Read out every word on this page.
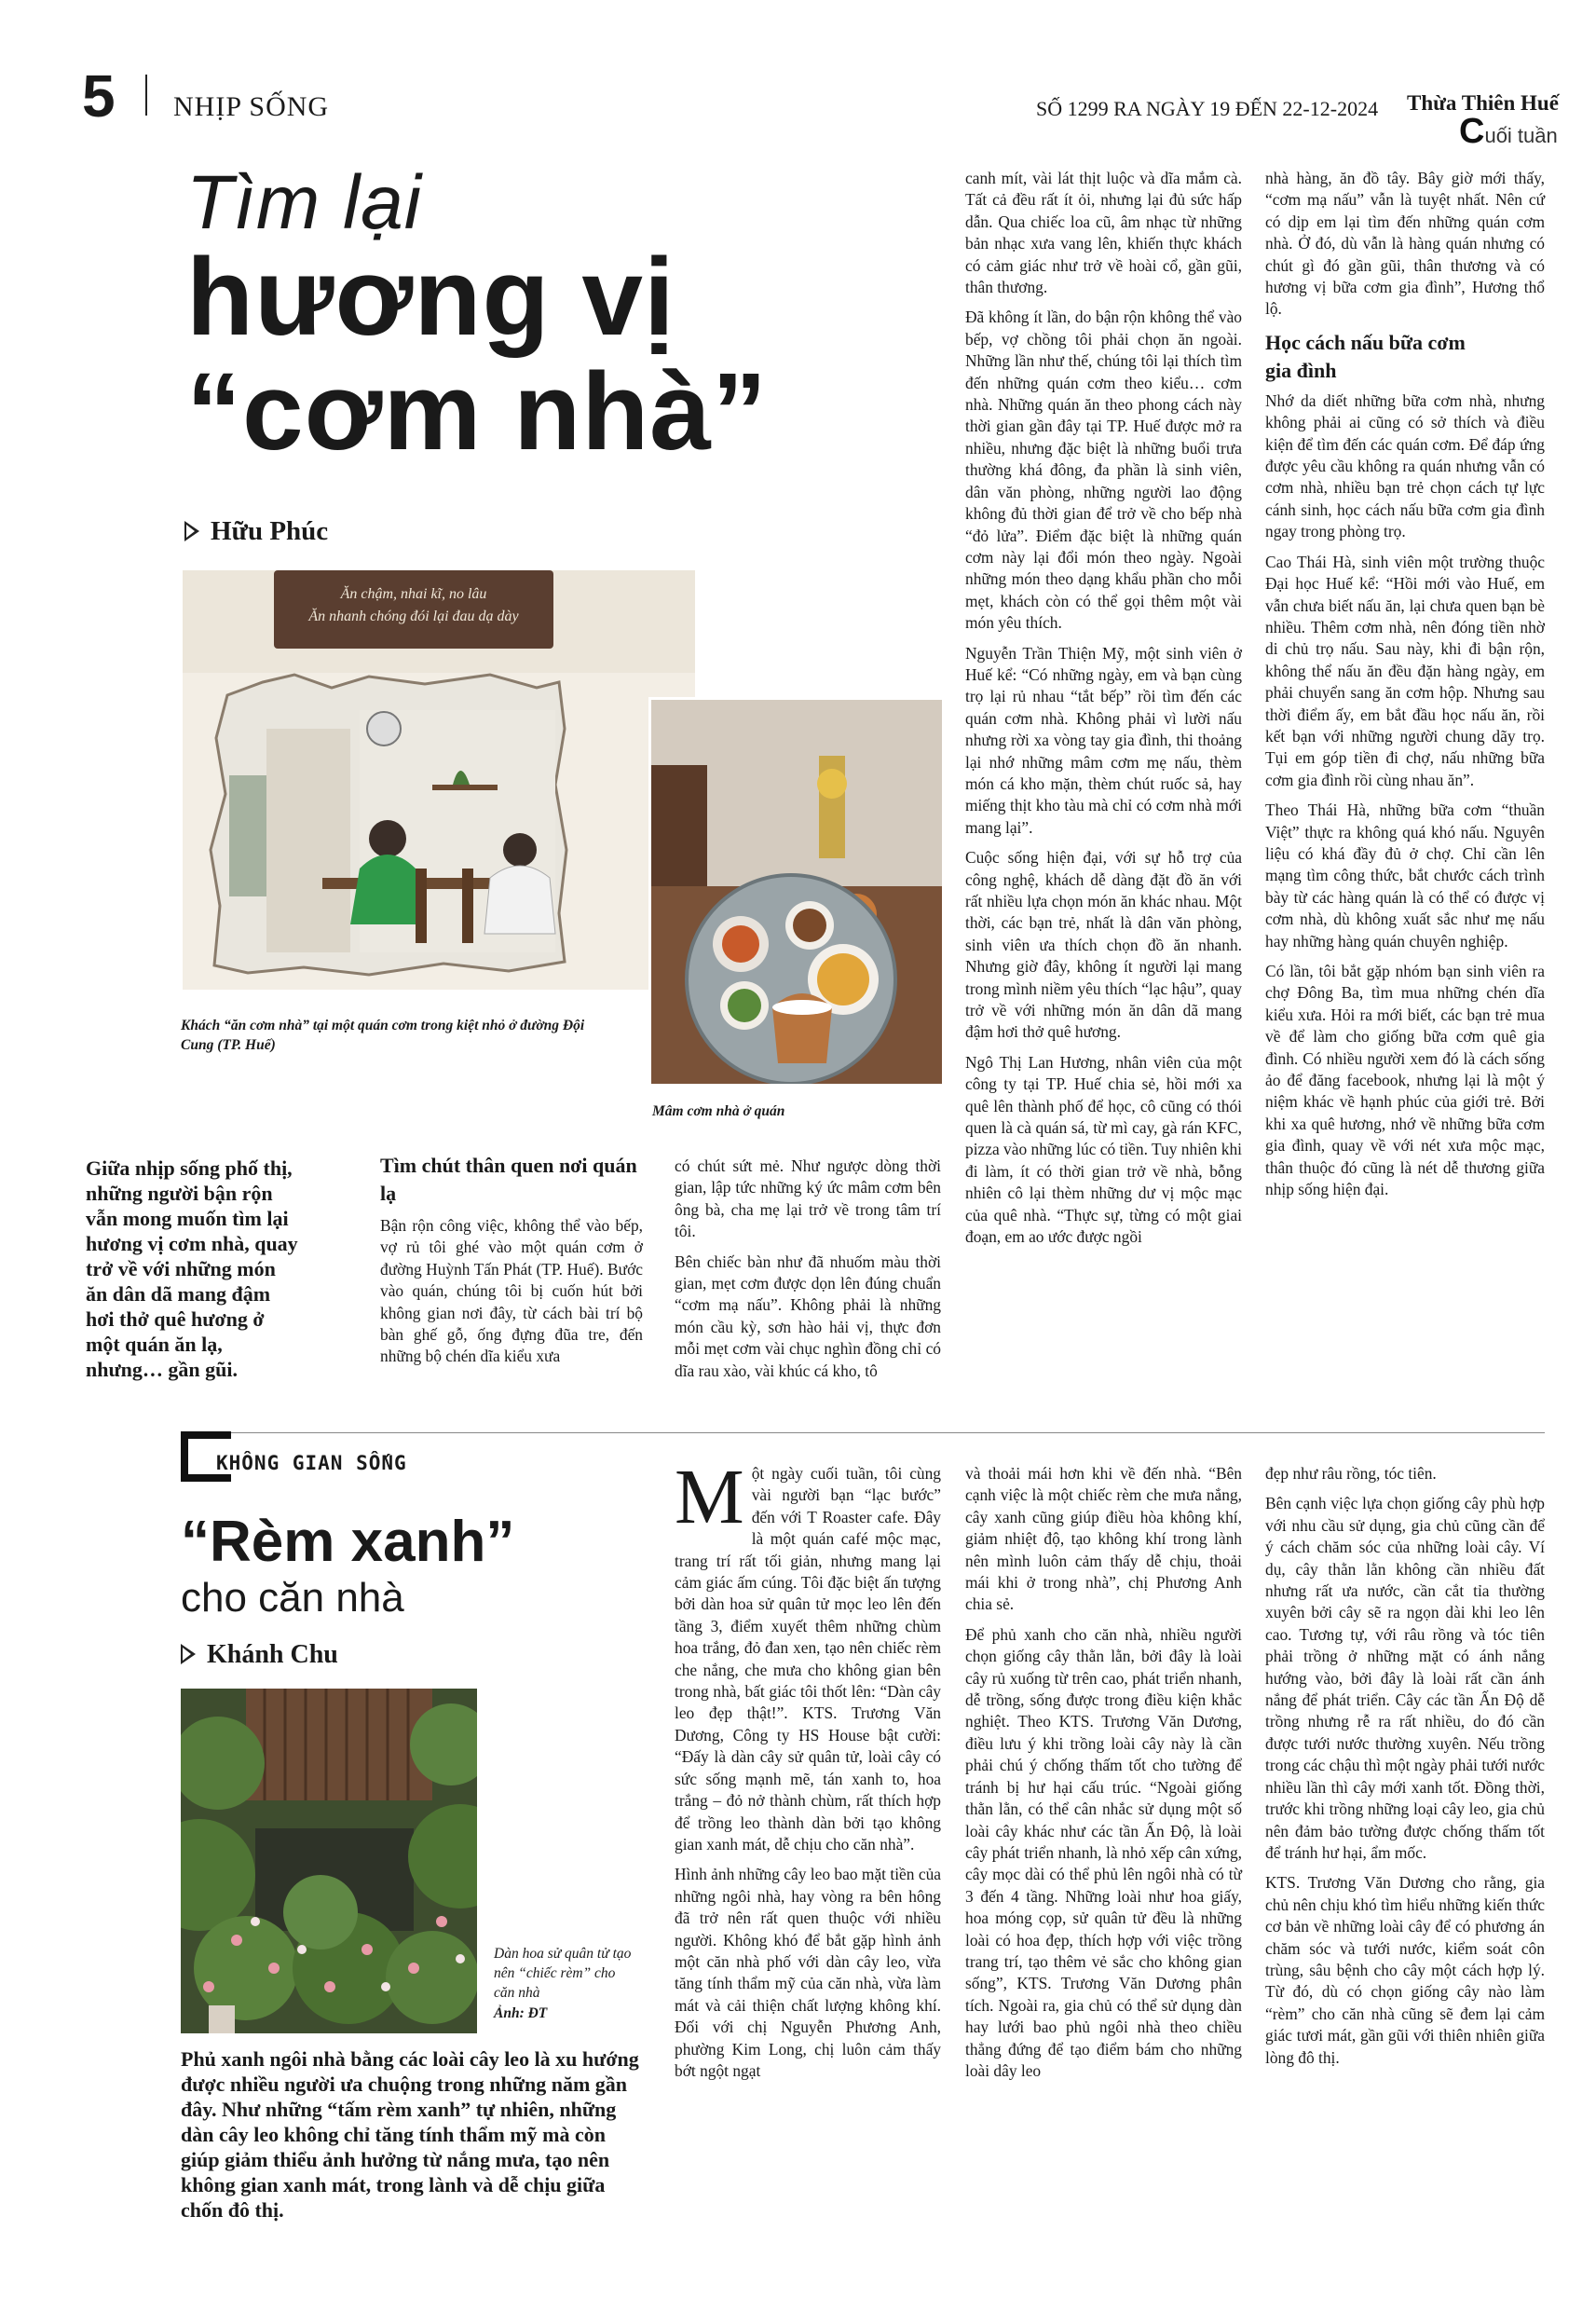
5 NHỊP SỐNG	SỐ 1299 RA NGÀY 19 ĐẾN 22-12-2024 Thừa Thiên Huế
Cuối tuần
Tìm lại
hương vị
“cơm nhà”
Hữu Phúc
Ăn chậm, nhai kĩ, no lâu
Ăn nhanh chóng đói lại đau dạ dày
Khách “ăn cơm nhà” tại một quán cơm trong kiệt nhỏ ở đường Đội Cung (TP. Huế)
Mâm cơm nhà ở quán
Giữa nhịp sống phố thị, những người bận rộn vẫn mong muốn tìm lại hương vị cơm nhà, quay trở về với những món ăn dân dã mang đậm hơi thở quê hương ở một quán ăn lạ, nhưng… gần gũi.
Tìm chút thân quen nơi quán lạ

Bận rộn công việc, không thể vào bếp, vợ rủ tôi ghé vào một quán cơm ở đường Huỳnh Tấn Phát (TP. Huế). Bước vào quán, chúng tôi bị cuốn hút bởi không gian nơi đây, từ cách bài trí bộ bàn ghế gỗ, ống đựng đũa tre, đến những bộ chén dĩa kiểu xưa

có chút sứt mẻ. Như ngược dòng thời gian, lập tức những ký ức mâm cơm bên ông bà, cha mẹ lại trở về trong tâm trí tôi.

Bên chiếc bàn như đã nhuốm màu thời gian, mẹt cơm được dọn lên đúng chuẩn “cơm mạ nấu”. Không phải là những món cầu kỳ, sơn hào hải vị, thực đơn mỗi mẹt cơm vài chục nghìn đồng chỉ có dĩa rau xào, vài khúc cá kho, tô

canh mít, vài lát thịt luộc và dĩa mắm cà. Tất cả đều rất ít ỏi, nhưng lại đủ sức hấp dẫn. Qua chiếc loa cũ, âm nhạc từ những bản nhạc xưa vang lên, khiến thực khách có cảm giác như trở về hoài cổ, gần gũi, thân thương.

Đã không ít lần, do bận rộn không thể vào bếp, vợ chồng tôi phải chọn ăn ngoài. Những lần như thế, chúng tôi lại thích tìm đến những quán cơm theo kiểu… cơm nhà. Những quán ăn theo phong cách này thời gian gần đây tại TP. Huế được mở ra nhiều, nhưng đặc biệt là những buổi trưa thường khá đông, đa phần là sinh viên, dân văn phòng, những người lao động không đủ thời gian để trở về cho bếp nhà “đỏ lửa”. Điểm đặc biệt là những quán cơm này lại đổi món theo ngày. Ngoài những món theo dạng khẩu phần cho mỗi mẹt, khách còn có thể gọi thêm một vài món yêu thích.

Nguyễn Trần Thiện Mỹ, một sinh viên ở Huế kể: “Có những ngày, em và bạn cùng trọ lại rủ nhau “tắt bếp” rồi tìm đến các quán cơm nhà. Không phải vì lười nấu nhưng rời xa vòng tay gia đình, thi thoảng lại nhớ những mâm cơm mẹ nấu, thèm món cá kho mặn, thèm chút ruốc sả, hay miếng thịt kho tàu mà chỉ có cơm nhà mới mang lại”.

Cuộc sống hiện đại, với sự hỗ trợ của công nghệ, khách dễ dàng đặt đồ ăn với rất nhiều lựa chọn món ăn khác nhau. Một thời, các bạn trẻ, nhất là dân văn phòng, sinh viên ưa thích chọn đồ ăn nhanh. Nhưng giờ đây, không ít người lại mang trong mình niềm yêu thích “lạc hậu”, quay trở về với những món ăn dân dã mang đậm hơi thở quê hương.

Ngô Thị Lan Hương, nhân viên của một công ty tại TP. Huế chia sẻ, hồi mới xa quê lên thành phố để học, cô cũng có thói quen là cà quán sá, từ mì cay, gà rán KFC, pizza vào những lúc có tiền. Tuy nhiên khi đi làm, ít có thời gian trở về nhà, bỗng nhiên cô lại thèm những dư vị mộc mạc của quê nhà. “Thực sự, từng có một giai đoạn, em ao ước được ngồi

nhà hàng, ăn đồ tây. Bây giờ mới thấy, “cơm mạ nấu” vẫn là tuyệt nhất. Nên cứ có dịp em lại tìm đến những quán cơm nhà. Ở đó, dù vẫn là hàng quán nhưng có chút gì đó gần gũi, thân thương và có hương vị bữa cơm gia đình”, Hương thổ lộ.

Học cách nấu bữa cơm gia đình

Nhớ da diết những bữa cơm nhà, nhưng không phải ai cũng có sở thích và điều kiện để tìm đến các quán cơm. Để đáp ứng được yêu cầu không ra quán nhưng vẫn có cơm nhà, nhiều bạn trẻ chọn cách tự lực cánh sinh, học cách nấu bữa cơm gia đình ngay trong phòng trọ.

Cao Thái Hà, sinh viên một trường thuộc Đại học Huế kể: “Hồi mới vào Huế, em vẫn chưa biết nấu ăn, lại chưa quen bạn bè nhiều. Thêm cơm nhà, nên đóng tiền nhờ di chủ trọ nấu. Sau này, khi đi bận rộn, không thể nấu ăn đều đặn hàng ngày, em phải chuyển sang ăn cơm hộp. Nhưng sau thời điểm ấy, em bắt đầu học nấu ăn, rồi kết bạn với những người chung dãy trọ. Tụi em góp tiền đi chợ, nấu những bữa cơm gia đình rồi cùng nhau ăn”.

Theo Thái Hà, những bữa cơm “thuần Việt” thực ra không quá khó nấu. Nguyên liệu có khá đầy đủ ở chợ. Chỉ cần lên mạng tìm công thức, bắt chước cách trình bày từ các hàng quán là có thể có được vị cơm nhà, dù không xuất sắc như mẹ nấu hay những hàng quán chuyên nghiệp.

Có lần, tôi bắt gặp nhóm bạn sinh viên ra chợ Đông Ba, tìm mua những chén dĩa kiểu xưa. Hỏi ra mới biết, các bạn trẻ mua về để làm cho giống bữa cơm quê gia đình. Có nhiều người xem đó là cách sống ảo để đăng facebook, nhưng lại là một ý niệm khác về hạnh phúc của giới trẻ. Bởi khi xa quê hương, nhớ về những bữa cơm gia đình, quay về với nét xưa mộc mạc, thân thuộc đó cũng là nét dễ thương giữa nhịp sống hiện đại.

KHÔNG GIAN SỐNG
“Rèm xanh”
cho căn nhà
Khánh Chu
Dàn hoa sử quân tử tạo nên “chiếc rèm” cho căn nhà
Ảnh: ĐT
Phủ xanh ngôi nhà bằng các loài cây leo là xu hướng được nhiều người ưa chuộng trong những năm gần đây. Như những “tấm rèm xanh” tự nhiên, những dàn cây leo không chỉ tăng tính thẩm mỹ mà còn giúp giảm thiểu ảnh hưởng từ nắng mưa, tạo nên không gian xanh mát, trong lành và dễ chịu giữa chốn đô thị.

Một ngày cuối tuần, tôi cùng vài người bạn “lạc bước” đến với T Roaster cafe. Đây là một quán café mộc mạc, trang trí rất tối giản, nhưng mang lại cảm giác ấm cúng. Tôi đặc biệt ấn tượng bởi dàn hoa sử quân tử mọc leo lên đến tầng 3, điểm xuyết thêm những chùm hoa trắng, đỏ đan xen, tạo nên chiếc rèm che nắng, che mưa cho không gian bên trong nhà, bất giác tôi thốt lên: “Dàn cây leo đẹp thật!”. KTS. Trương Văn Dương, Công ty HS House bật cười: “Đấy là dàn cây sử quân tử, loài cây có sức sống mạnh mẽ, tán xanh to, hoa trắng – đỏ nở thành chùm, rất thích hợp để trồng leo thành dàn bởi tạo không gian xanh mát, dễ chịu cho căn nhà”.

Hình ảnh những cây leo bao mặt tiền của những ngôi nhà, hay vòng ra bên hông đã trở nên rất quen thuộc với nhiều người. Không khó để bắt gặp hình ảnh một căn nhà phố với dàn cây leo, vừa tăng tính thẩm mỹ của căn nhà, vừa làm mát và cải thiện chất lượng không khí. Đối với chị Nguyễn Phương Anh, phường Kim Long, chị luôn cảm thấy bớt ngột ngạt

và thoải mái hơn khi về đến nhà. “Bên cạnh việc là một chiếc rèm che mưa nắng, cây xanh cũng giúp điều hòa không khí, giảm nhiệt độ, tạo không khí trong lành nên mình luôn cảm thấy dễ chịu, thoải mái khi ở trong nhà”, chị Phương Anh chia sẻ.

Để phủ xanh cho căn nhà, nhiều người chọn giống cây thằn lằn, bởi đây là loài cây rủ xuống từ trên cao, phát triển nhanh, dễ trồng, sống được trong điều kiện khắc nghiệt. Theo KTS. Trương Văn Dương, điều lưu ý khi trồng loài cây này là cần phải chú ý chống thấm tốt cho tường để tránh bị hư hại cấu trúc. “Ngoài giống thằn lằn, có thể cân nhắc sử dụng một số loài cây khác như các tần Ấn Độ, là loài cây phát triển nhanh, là nhỏ xếp cân xứng, cây mọc dài có thể phủ lên ngôi nhà có từ 3 đến 4 tầng. Những loài như hoa giấy, hoa móng cọp, sử quân tử đều là những loài có hoa đẹp, thích hợp với việc trồng trang trí, tạo thêm vẻ sắc cho không gian sống”, KTS. Trương Văn Dương phân tích. Ngoài ra, gia chủ có thể sử dụng dàn hay lưới bao phủ ngôi nhà theo chiều thẳng đứng để tạo điểm bám cho những loài dây leo

đẹp như râu rồng, tóc tiên.

Bên cạnh việc lựa chọn giống cây phù hợp với nhu cầu sử dụng, gia chủ cũng cần để ý cách chăm sóc của những loài cây. Ví dụ, cây thằn lằn không cần nhiều đất nhưng rất ưa nước, cần cắt tỉa thường xuyên bởi cây sẽ ra ngọn dài khi leo lên cao. Tương tự, với râu rồng và tóc tiên phải trồng ở những mặt có ánh nắng hướng vào, bởi đây là loài rất cần ánh nắng để phát triển. Cây các tần Ấn Độ dễ trồng nhưng rễ ra rất nhiều, do đó cần được tưới nước thường xuyên. Nếu trồng trong các chậu thì một ngày phải tưới nước nhiều lần thì cây mới xanh tốt. Đồng thời, trước khi trồng những loại cây leo, gia chủ nên đảm bảo tường được chống thấm tốt để tránh hư hại, ẩm mốc.

KTS. Trương Văn Dương cho rằng, gia chủ nên chịu khó tìm hiểu những kiến thức cơ bản về những loài cây để có phương án chăm sóc và tưới nước, kiểm soát côn trùng, sâu bệnh cho cây một cách hợp lý. Từ đó, dù có chọn giống cây nào làm “rèm” cho căn nhà cũng sẽ đem lại cảm giác tươi mát, gần gũi với thiên nhiên giữa lòng đô thị.
